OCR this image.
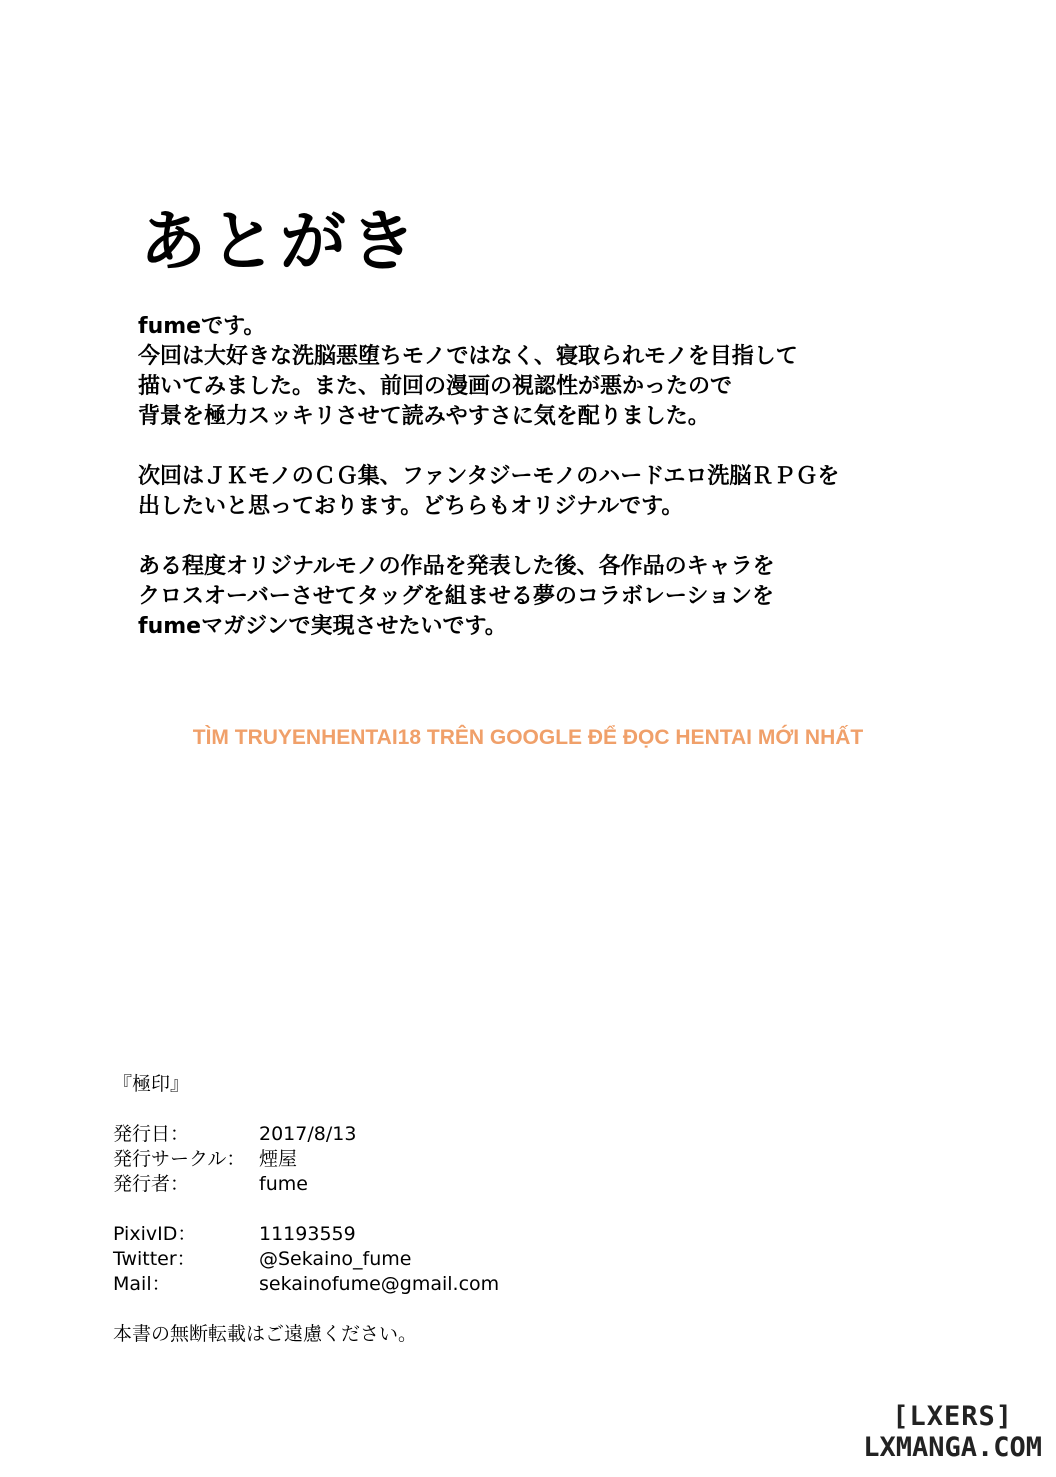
あとがき
fumeです。
今回は大好きな洗脳悪堕ちモノではなく、寝取られモノを目指して
描いてみました。また、前回の漫画の視認性が悪かったので
背景を極力スッキリさせて読みやすさに気を配りました。
次回はＪＫモノのＣＧ集、ファンタジーモノのハードエロ洗脳ＲＰＧを
出したいと思っております。どちらもオリジナルです。
ある程度オリジナルモノの作品を発表した後、各作品のキャラを
クロスオーバーさせてタッグを組ませる夢のコラボレーションを
fumeマガジンで実現させたいです。
TÌM TRUYENHENTAI18 TRÊN GOOGLE ĐỂ ĐỌC HENTAI MỚI NHẤT
『極印』
発行日：	2017/8/13
発行サークル： 煙屋
発行者：	fume
PixivID：	11193559
Twitter：	@Sekaino_fume
Mail：	sekainofume@gmail.com
本書の無断転載はご遠慮ください。
[LXERS]
LXMANGA.COM
